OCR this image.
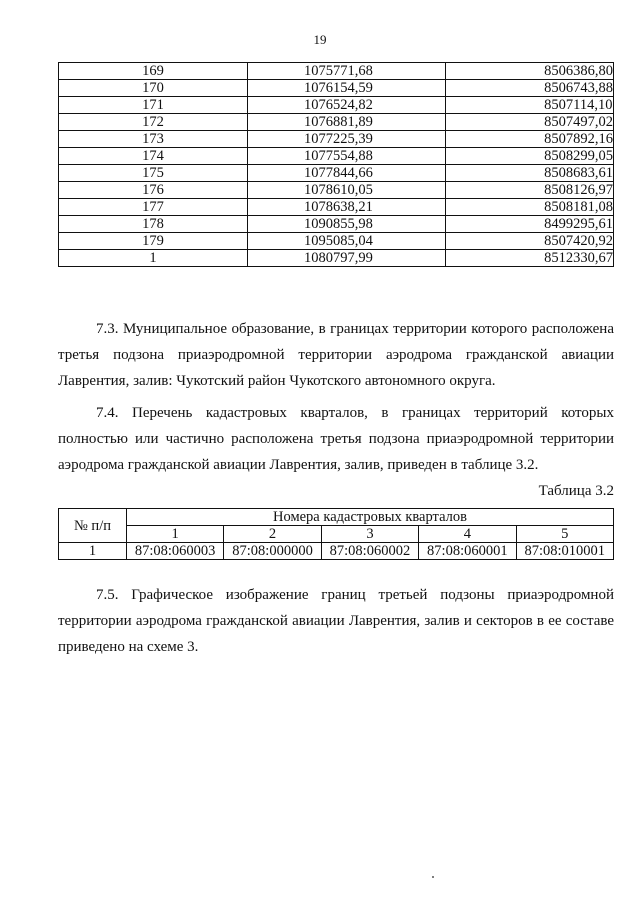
19
169	1075771,68	8506386,80
170	1076154,59	8506743,88
171	1076524,82	8507114,10
172	1076881,89	8507497,02
173	1077225,39	8507892,16
174	1077554,88	8508299,05
175	1077844,66	8508683,61
176	1078610,05	8508126,97
177	1078638,21	8508181,08
178	1090855,98	8499295,61
179	1095085,04	8507420,92
1	1080797,99	8512330,67

7.3. Муниципальное образование, в границах территории которого расположена третья подзона приаэродромной территории аэродрома гражданской авиации Лаврентия, залив: Чукотский район Чукотского автономного округа.

7.4. Перечень кадастровых кварталов, в границах территорий которых полностью или частично расположена третья подзона приаэродромной территории аэродрома гражданской авиации Лаврентия, залив, приведен в таблице 3.2.

Таблица 3.2
№ п/п	Номера кадастровых кварталов				
	1	2	3	4	5
1	87:08:060003	87:08:000000	87:08:060002	87:08:060001	87:08:010001

7.5. Графическое изображение границ третьей подзоны приаэродромной территории аэродрома гражданской авиации Лаврентия, залив и секторов в ее составе приведено на схеме 3.
